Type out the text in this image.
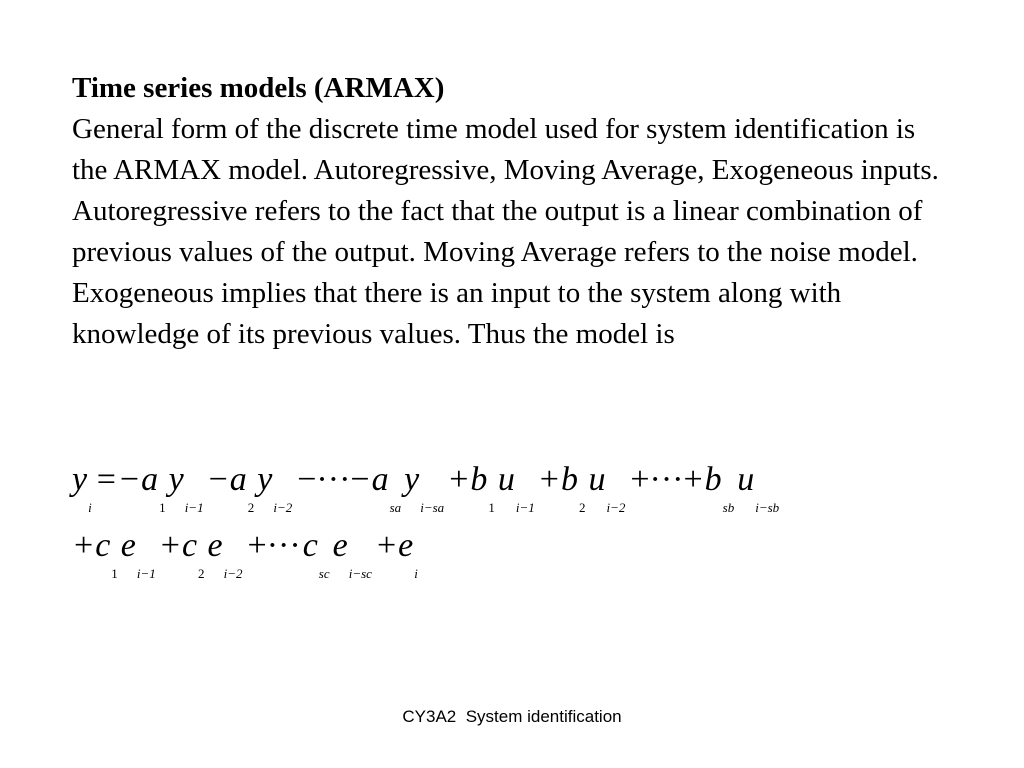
Time series models (ARMAX)

General form of the discrete time model used for system identification is the ARMAX model. Autoregressive, Moving Average, Exogeneous inputs. Autoregressive refers to the fact that the output is a linear combination of previous values of the output. Moving Average refers to the noise model. Exogeneous implies that there is an input to the system along with knowledge of its previous values. Thus the model is

yi= −a1yi−1−a2yi−2−···−asayi−sa+b1ui−1+b2ui−2+···+bsbui−sb
+c1ei−1+c2ei−2+···cscei−sc+ei
CY3A2  System identification
